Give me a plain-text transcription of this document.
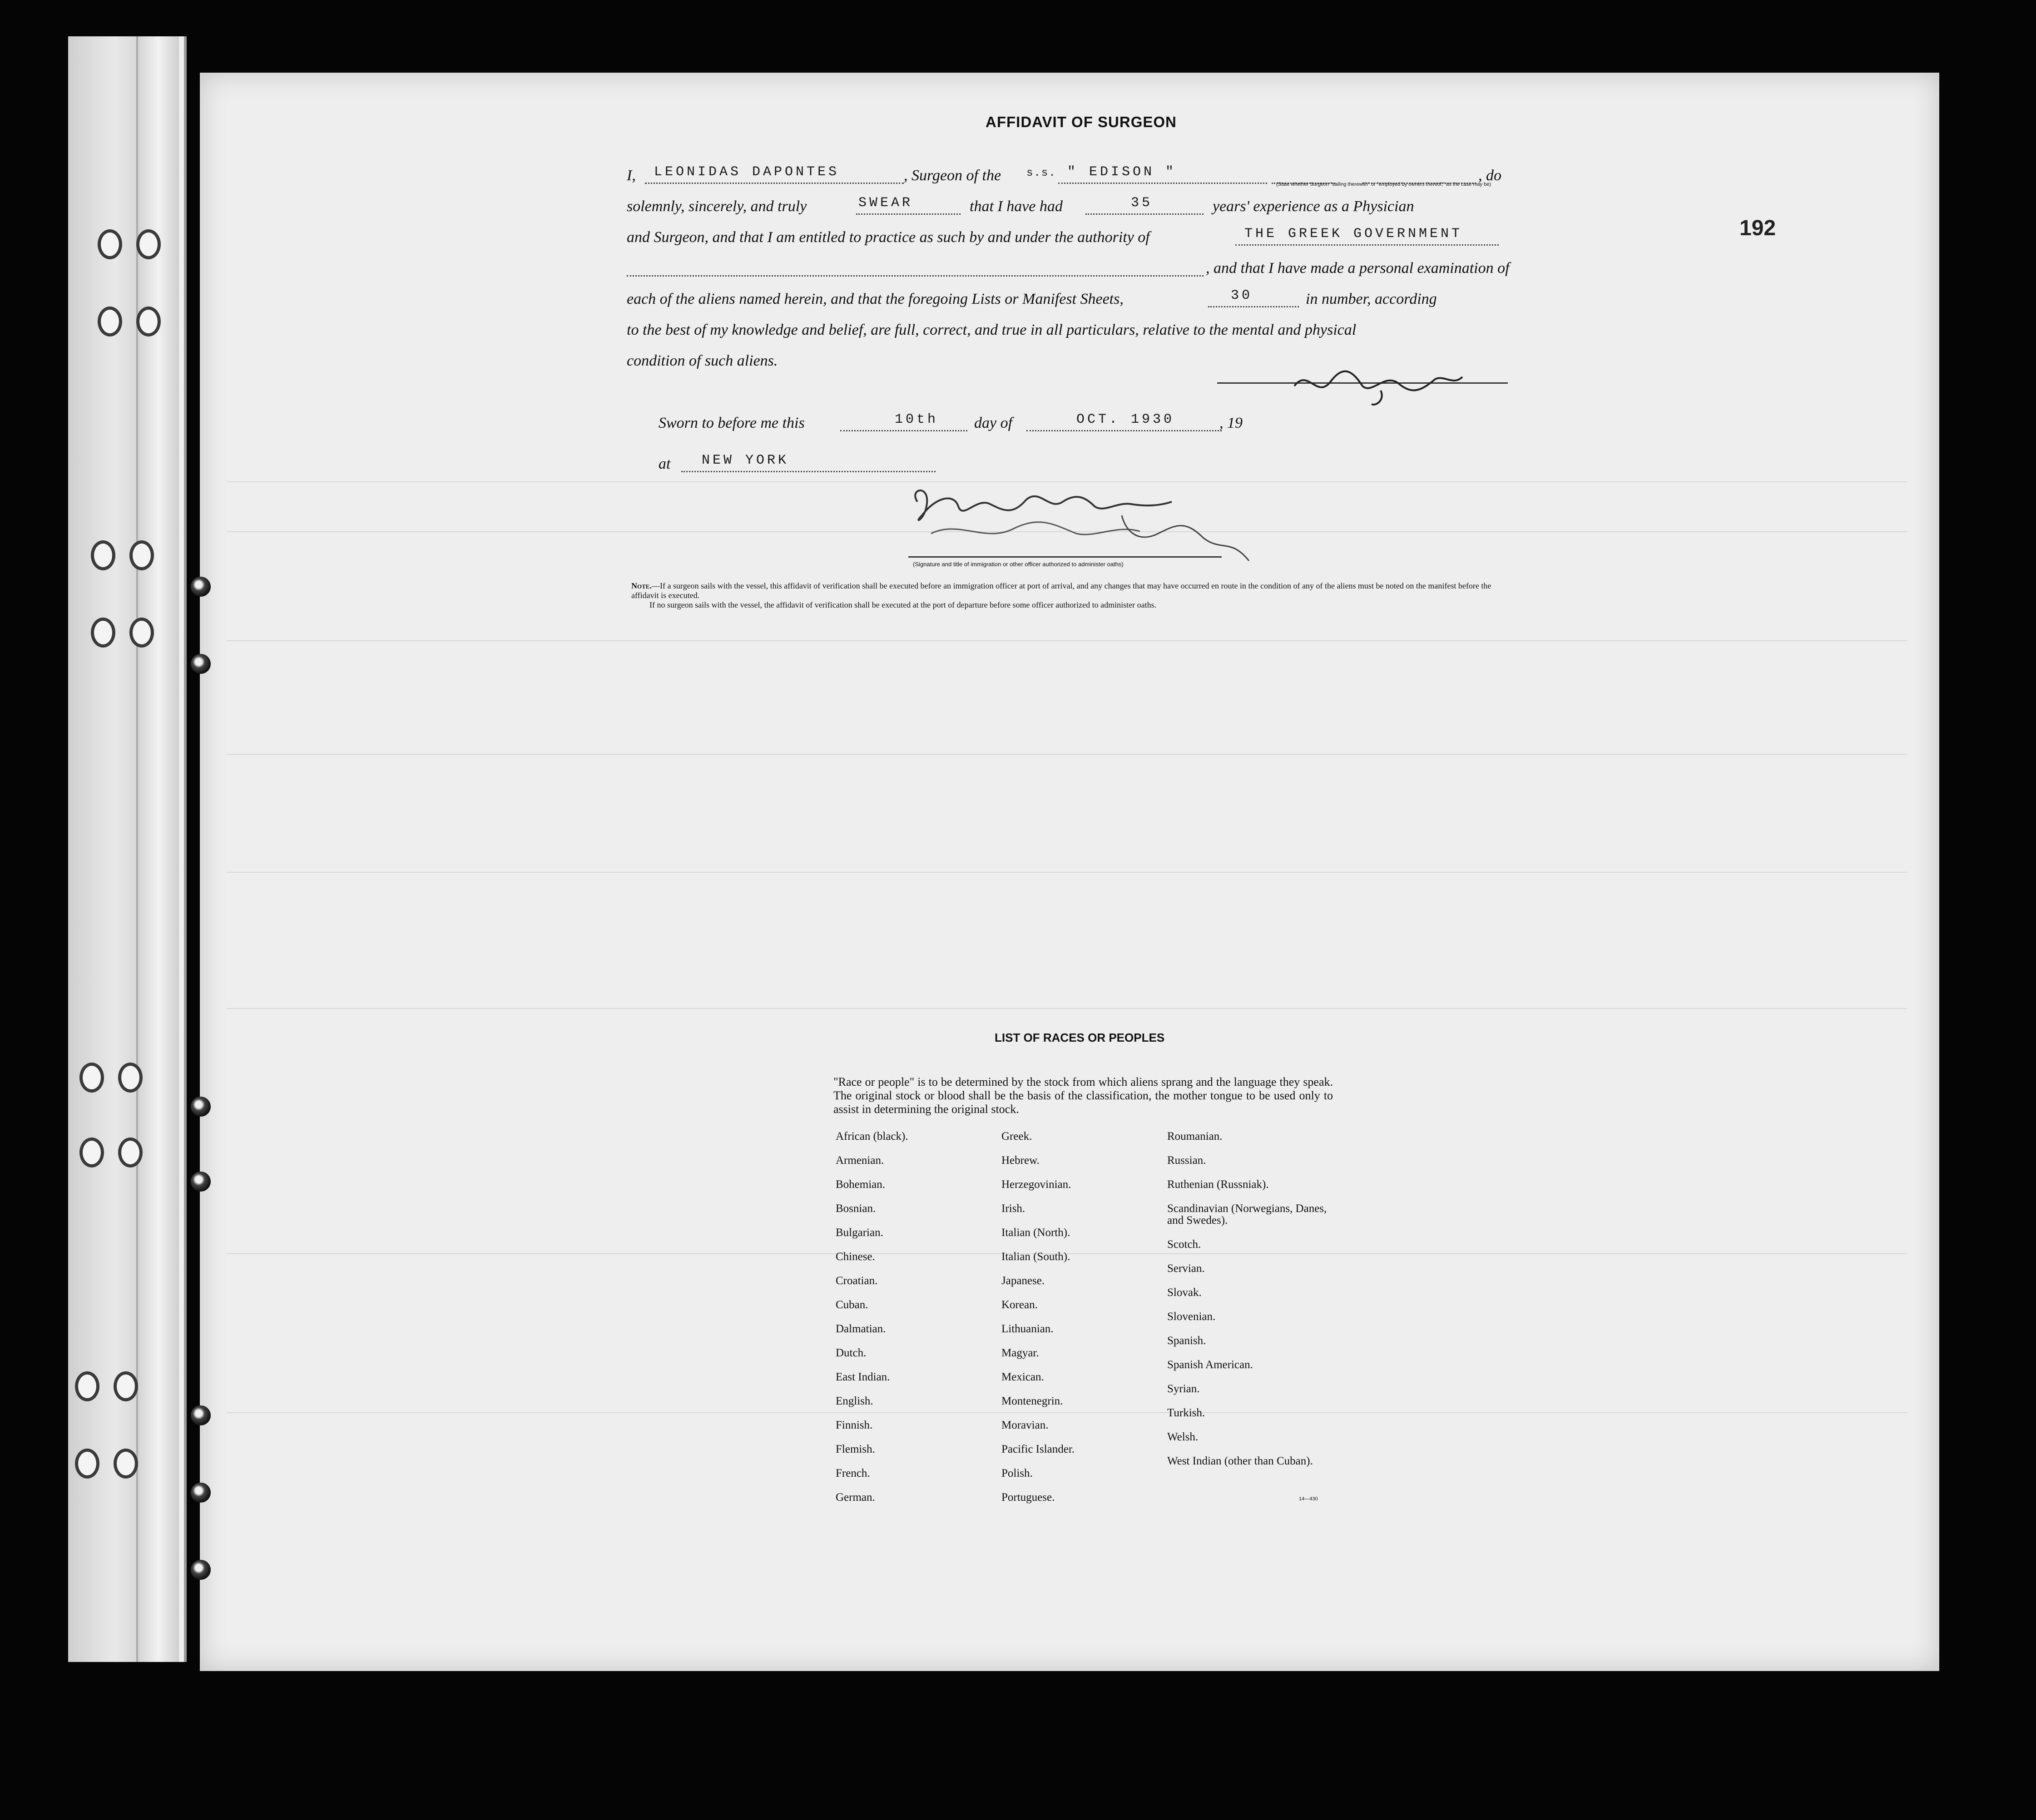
192
AFFIDAVIT OF SURGEON
I, LEONIDAS DAPONTES	, Surgeon of the s.s. " EDISON "
(State whether Surgeon "sailing therewith" or "employed by owners thereof," as the case may be)
, do
solemnly, sincerely, and truly	SWEAR	that I have had	35	years' experience as a Physician
and Surgeon, and that I am entitled to practice as such by and under the authority of	THE GREEK GOVERNMENT
, and that I have made a personal examination of
each of the aliens named herein, and that the foregoing Lists or Manifest Sheets,	30	in number, according
to the best of my knowledge and belief, are full, correct, and true in all particulars, relative to the mental and physical
condition of such aliens.
Sworn to before me this	10th day of	OCT. 1930	, 19
at NEW YORK
(Signature and title of immigration or other officer authorized to administer oaths)
Note.—If a surgeon sails with the vessel, this affidavit of verification shall be executed before an immigration officer at port of arrival, and any changes that may have occurred en route in the condition of any of the aliens must be noted on the manifest before the affidavit is executed.
If no surgeon sails with the vessel, the affidavit of verification shall be executed at the port of departure before some officer authorized to administer oaths.
LIST OF RACES OR PEOPLES
"Race or people" is to be determined by the stock from which aliens sprang and the language they speak. The original stock or blood shall be the basis of the classification, the mother tongue to be used only to assist in determining the original stock.
African (black).
Armenian.
Bohemian.
Bosnian.
Bulgarian.
Chinese.
Croatian.
Cuban.
Dalmatian.
Dutch.
East Indian.
English.
Finnish.
Flemish.
French.
German.
Greek.
Hebrew.
Herzegovinian.
Irish.
Italian (North).
Italian (South).
Japanese.
Korean.
Lithuanian.
Magyar.
Mexican.
Montenegrin.
Moravian.
Pacific Islander.
Polish.
Portuguese.
Roumanian.
Russian.
Ruthenian (Russniak).
Scandinavian (Norwegians, Danes, and Swedes).
Scotch.
Servian.
Slovak.
Slovenian.
Spanish.
Spanish American.
Syrian.
Turkish.
Welsh.
West Indian (other than Cuban).
14—430
